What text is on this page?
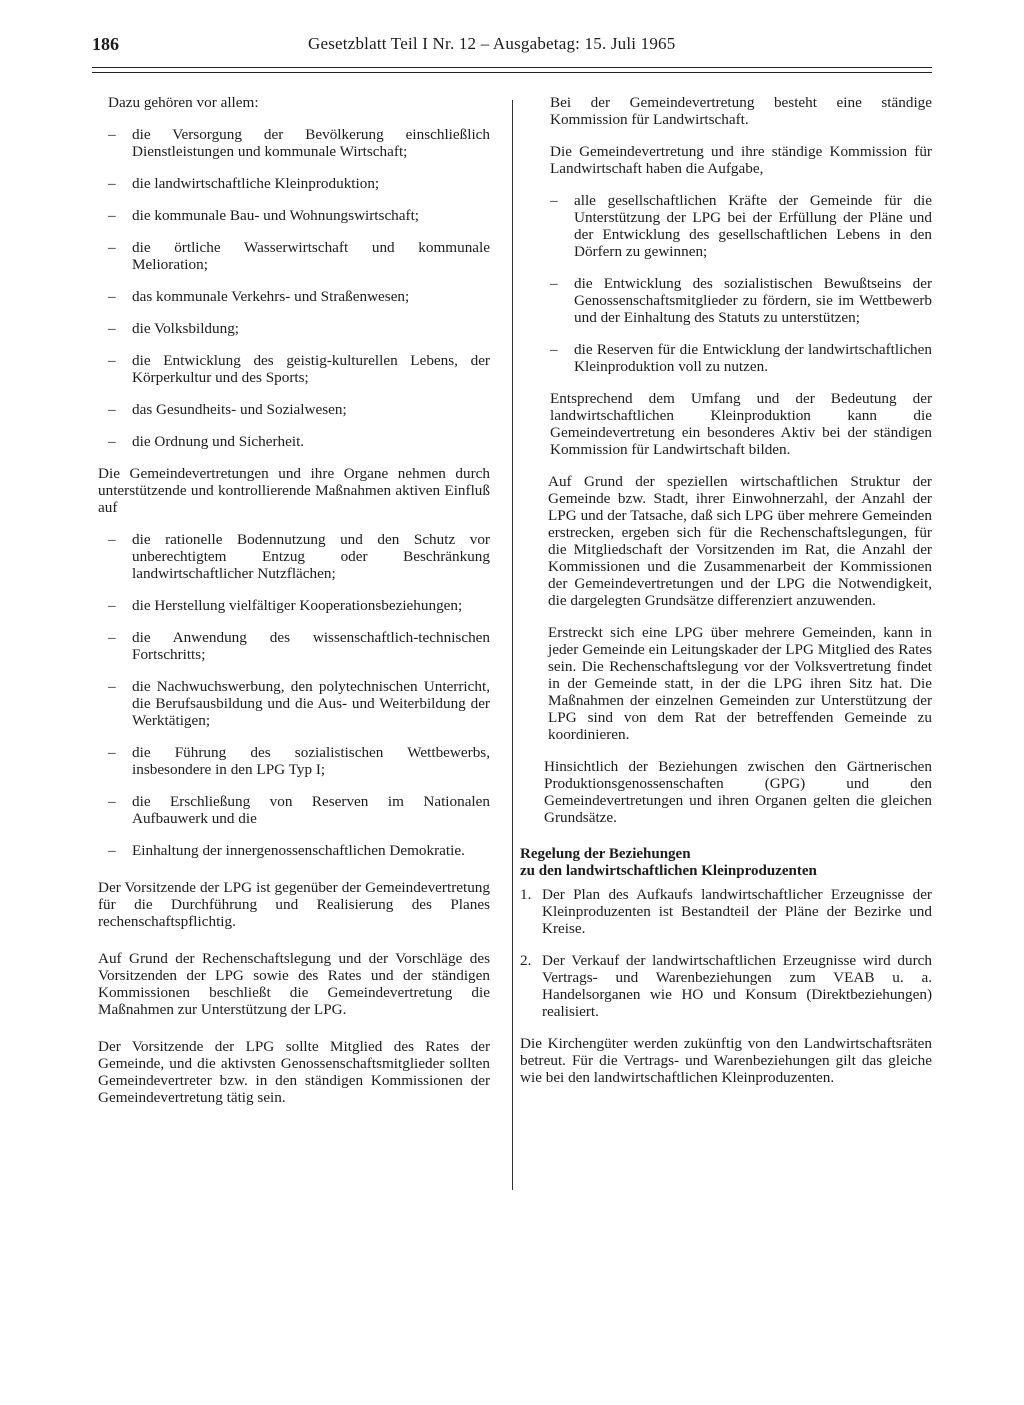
186	Gesetzblatt Teil I Nr. 12 – Ausgabetag: 15. Juli 1965

Dazu gehören vor allem:

–	die Versorgung der Bevölkerung einschließlich Dienstleistungen und kommunale Wirtschaft;
–	die landwirtschaftliche Kleinproduktion;
–	die kommunale Bau- und Wohnungswirtschaft;
–	die örtliche Wasserwirtschaft und kommunale Melioration;
–	das kommunale Verkehrs- und Straßenwesen;
–	die Volksbildung;
–	die Entwicklung des geistig-kulturellen Lebens, der Körperkultur und des Sports;
–	das Gesundheits- und Sozialwesen;
–	die Ordnung und Sicherheit.

Die Gemeindevertretungen und ihre Organe nehmen durch unterstützende und kontrollierende Maßnahmen aktiven Einfluß auf

–	die rationelle Bodennutzung und den Schutz vor unberechtigtem Entzug oder Beschränkung landwirtschaftlicher Nutzflächen;
–	die Herstellung vielfältiger Kooperationsbeziehungen;
–	die Anwendung des wissenschaftlich-technischen Fortschritts;
–	die Nachwuchswerbung, den polytechnischen Unterricht, die Berufsausbildung und die Aus- und Weiterbildung der Werktätigen;
–	die Führung des sozialistischen Wettbewerbs, insbesondere in den LPG Typ I;
–	die Erschließung von Reserven im Nationalen Aufbauwerk und die
–	Einhaltung der innergenossenschaftlichen Demokratie.

Der Vorsitzende der LPG ist gegenüber der Gemeindevertretung für die Durchführung und Realisierung des Planes rechenschaftspflichtig.

Auf Grund der Rechenschaftslegung und der Vorschläge des Vorsitzenden der LPG sowie des Rates und der ständigen Kommissionen beschließt die Gemeindevertretung die Maßnahmen zur Unterstützung der LPG.

Der Vorsitzende der LPG sollte Mitglied des Rates der Gemeinde, und die aktivsten Genossenschaftsmitglieder sollten Gemeindevertreter bzw. in den ständigen Kommissionen der Gemeindevertretung tätig sein.

Bei der Gemeindevertretung besteht eine ständige Kommission für Landwirtschaft.

Die Gemeindevertretung und ihre ständige Kommission für Landwirtschaft haben die Aufgabe,

–	alle gesellschaftlichen Kräfte der Gemeinde für die Unterstützung der LPG bei der Erfüllung der Pläne und der Entwicklung des gesellschaftlichen Lebens in den Dörfern zu gewinnen;
–	die Entwicklung des sozialistischen Bewußtseins der Genossenschaftsmitglieder zu fördern, sie im Wettbewerb und der Einhaltung des Statuts zu unterstützen;
–	die Reserven für die Entwicklung der landwirtschaftlichen Kleinproduktion voll zu nutzen.

Entsprechend dem Umfang und der Bedeutung der landwirtschaftlichen Kleinproduktion kann die Gemeindevertretung ein besonderes Aktiv bei der ständigen Kommission für Landwirtschaft bilden.

Auf Grund der speziellen wirtschaftlichen Struktur der Gemeinde bzw. Stadt, ihrer Einwohnerzahl, der Anzahl der LPG und der Tatsache, daß sich LPG über mehrere Gemeinden erstrecken, ergeben sich für die Rechenschaftslegungen, für die Mitgliedschaft der Vorsitzenden im Rat, die Anzahl der Kommissionen und die Zusammenarbeit der Kommissionen der Gemeindevertretungen und der LPG die Notwendigkeit, die dargelegten Grundsätze differenziert anzuwenden.

Erstreckt sich eine LPG über mehrere Gemeinden, kann in jeder Gemeinde ein Leitungskader der LPG Mitglied des Rates sein. Die Rechenschaftslegung vor der Volksvertretung findet in der Gemeinde statt, in der die LPG ihren Sitz hat. Die Maßnahmen der einzelnen Gemeinden zur Unterstützung der LPG sind von dem Rat der betreffenden Gemeinde zu koordinieren.

Hinsichtlich der Beziehungen zwischen den Gärtnerischen Produktionsgenossenschaften (GPG) und den Gemeindevertretungen und ihren Organen gelten die gleichen Grundsätze.

Regelung der Beziehungen

zu den landwirtschaftlichen Kleinproduzenten

1. Der Plan des Aufkaufs landwirtschaftlicher Erzeugnisse der Kleinproduzenten ist Bestandteil der Pläne der Bezirke und Kreise.
2. Der Verkauf der landwirtschaftlichen Erzeugnisse wird durch Vertrags- und Warenbeziehungen zum VEAB u. a. Handelsorganen wie HO und Konsum (Direktbeziehungen) realisiert.

Die Kirchengüter werden zukünftig von den Landwirtschaftsräten betreut. Für die Vertrags- und Warenbeziehungen gilt das gleiche wie bei den landwirtschaftlichen Kleinproduzenten.
